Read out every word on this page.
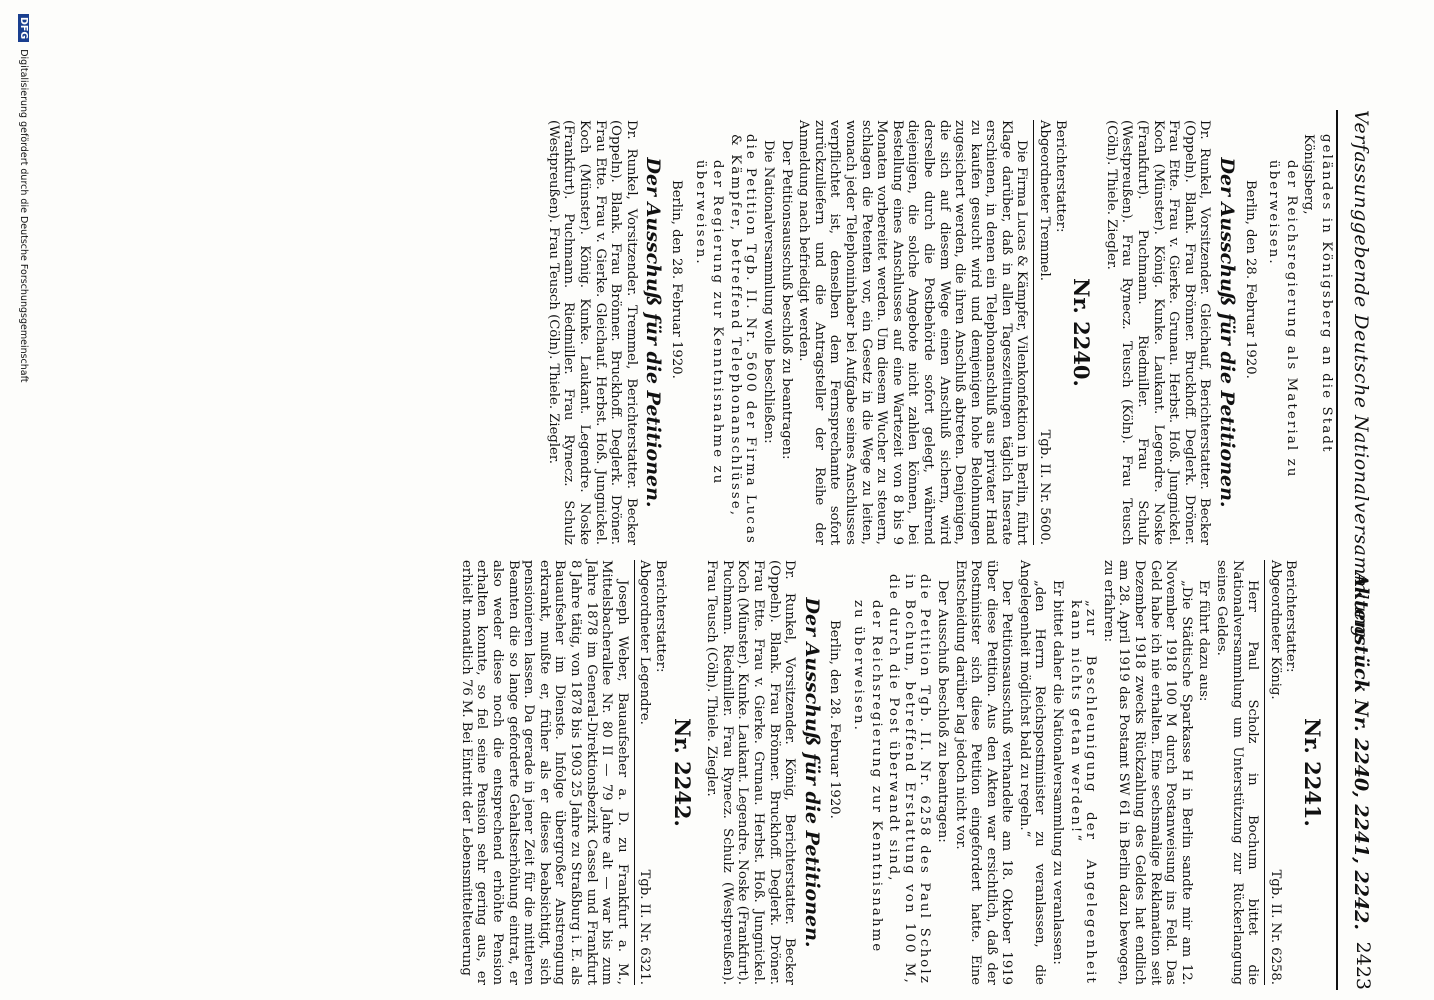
Verfassunggebende Deutsche Nationalversammlung.
Aktenstück Nr. 2240, 2241, 2242.
2423

geländes in Königsberg an die Stadt

Königsberg,

der Reichsregierung als Material zu

überweisen.

Berlin, den 28. Februar 1920.

Der Ausschuß für die Petitionen.

Dr. Runkel, Vorsitzender. Gleichauf, Berichterstatter. Becker (Oppeln). Blank. Frau Brönner. Bruckhoff. Deglerk. Dröner. Frau Ette. Frau v. Gierke. Grunau. Herbst. Hoß. Jungnickel. Koch (Münster). König. Kunke. Laukant. Legendre. Noske (Frankfurt). Puchmann. Riedmiller. Frau Schulz (Westpreußen). Frau Rynecz. Teusch (Köln). Frau Teusch (Cöln). Thiele. Ziegler.

Nr. 2240.

Berichterstatter:

Abgeordneter Tremmel.
Tgb. II. Nr. 5600.

Die Firma Lucas & Kämpfer, Vilenkonfektion in Berlin, führt Klage darüber, daß in allen Tageszeitungen täglich Inserate erschienen, in denen ein Telephonanschluß aus privater Hand zu kaufen gesucht wird und demjenigen hohe Belohnungen zugesichert werden, die ihren Anschluß abtreten. Denjenigen, die sich auf diesem Wege einen Anschluß sichern, wird derselbe durch die Postbehörde sofort gelegt, während diejenigen, die solche Angebote nicht zahlen können, bei Bestellung eines Anschlusses auf eine Wartezeit von 8 bis 9 Monaten vorbereitet werden. Um diesem Wucher zu steuern, schlagen die Petenten vor, ein Gesetz in die Wege zu leiten, wonach jeder Telephoninhaber bei Aufgabe seines Anschlusses verpflichtet ist, denselben dem Fernsprechamte sofort zurückzuliefern und die Antragsteller der Reihe der Anmeldung nach befriedigt werden.

Der Petitionsausschuß beschloß zu beantragen:

Die Nationalversammlung wolle beschließen:

die Petition Tgb. II. Nr. 5600 der Firma Lucas & Kämpfer, betreffend Telephonanschlüsse,

der Regierung zur Kenntnisnahme zu

überweisen.

Berlin, den 28. Februar 1920.

Der Ausschuß für die Petitionen.

Dr. Runkel, Vorsitzender. Tremmel, Berichterstatter. Becker (Oppeln). Blank. Frau Brönner. Bruckhoff. Deglerk. Dröner. Frau Ette. Frau v. Gierke. Gleichauf. Herbst. Hoß. Jungnickel. Koch (Münster). König. Kunke. Laukant. Legendre. Noske (Frankfurt). Puchmann. Riedmiller. Frau Rynecz. Schulz (Westpreußen). Frau Teusch (Cöln). Thiele. Ziegler.

Nr. 2241.

Berichterstatter:

Abgeordneter König.
Tgb. II. Nr. 6258.

Herr Paul Scholz in Bochum bittet die Nationalversammlung um Unterstützung zur Rückerlangung seines Geldes.

Er führt dazu aus:

„Die Städtische Sparkasse H in Berlin sandte mir am 12. November 1918 100 M durch Postanweisung ins Feld. Das Geld habe ich nie erhalten. Eine sechsmalige Reklamation seit Dezember 1918 zwecks Rückzahlung des Geldes hat endlich am 28. April 1919 das Postamt SW 61 in Berlin dazu bewogen, zu erfahren:

„zur Beschleunigung der Angelegenheit kann nichts getan werden!“

Er bittet daher die Nationalversammlung zu veranlassen:

„den Herrn Reichspostminister zu veranlassen, die Angelegenheit möglichst bald zu regeln.“

Der Petitionsausschuß verhandelte am 18. Oktober 1919 über diese Petition. Aus den Akten war ersichtlich, daß der Postminister sich diese Petition eingefordert hatte. Eine Entscheidung darüber lag jedoch nicht vor.

Der Ausschuß beschloß zu beantragen:

die Petition Tgb. II. Nr. 6258 des Paul Scholz in Bochum, betreffend Erstattung von 100 M, die durch die Post überwandt sind,

der Reichsregierung zur Kenntnisnahme

zu überweisen.

Berlin, den 28. Februar 1920.

Der Ausschuß für die Petitionen.

Dr. Runkel, Vorsitzender. König, Berichterstatter. Becker (Oppeln). Blank. Frau Brönner. Bruckhoff. Deglerk. Dröner. Frau Ette. Frau v. Gierke. Grunau. Herbst. Hoß. Jungnickel. Koch (Münster). Kunke. Laukant. Legendre. Noske (Frankfurt). Puchmann. Riedmiller. Frau Rynecz. Schulz (Westpreußen). Frau Teusch (Cöln). Thiele. Ziegler.

Nr. 2242.

Berichterstatter:

Abgeordneter Legendre.
Tgb. II. Nr. 6321.

Joseph Weber, Bauaufseher a. D. zu Frankfurt a. M., Mittelsbacherallee Nr. 80 II — 79 Jahre alt — war bis zum Jahre 1878 im General-Direktionsbezirk Cassel und Frankfurt 8 Jahre tätig, von 1878 bis 1903 25 Jahre zu Straßburg i. E. als Bauaufseher im Dienste. Infolge übergroßer Anstrengung erkrankt, mußte er, früher als er dieses beabsichtigt, sich pensionieren lassen. Da gerade in jener Zeit für die mittleren Beamten die so lange geforderte Gehaltserhöhung eintrat, er also weder diese noch die entsprechend erhöhte Pension erhalten konnte, so fiel seine Pension sehr gering aus, er erhielt monatlich 76 M. Bei Eintritt der Lebensmittelteuerung

DFG Digitalisierung gefördert durch die Deutsche Forschungsgemeinschaft
